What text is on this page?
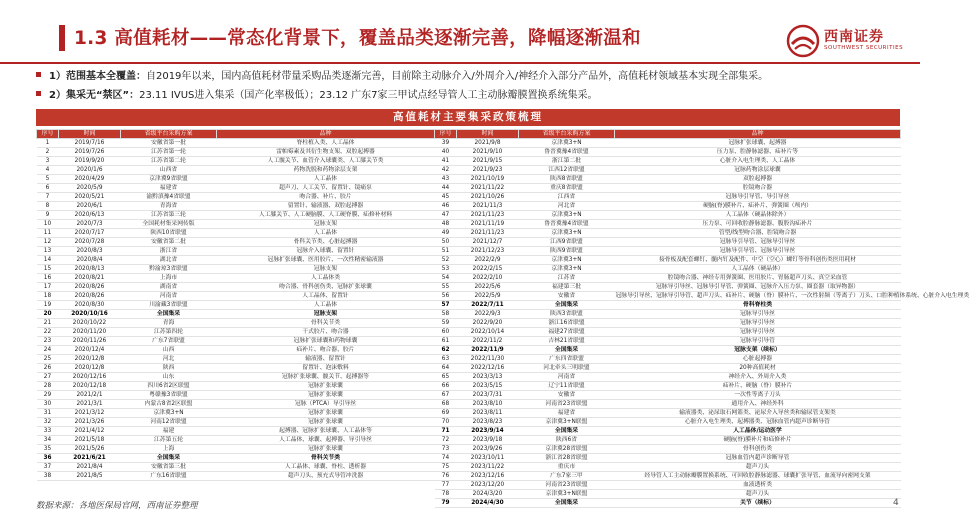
1.3 高值耗材——常态化背景下，覆盖品类逐渐完善，降幅逐渐温和	西南证券
SOUTHWEST SECURITIES
1）范围基本全覆盖：自2019年以来，国内高值耗材带量采购品类逐渐完善，目前除主动脉介入/外周介入/神经介入部分产品外，高值耗材领域基本实现全部集采。
2）集采无“禁区”：23.11 IVUS进入集采（国产化率极低）；23.12 广东7家三甲试点经导管人工主动脉瓣膜置换系统集采。
高值耗材主要集采政策梳理
序号	时间	省级平台采购方案	品种
1	2019/7/16	安徽省第一批	脊柱植入类、人工晶体
2	2019/7/26	江苏省第一轮	雷帕霉素及其衍生物支架、双腔起搏器
3	2019/9/20	江苏省第二轮	人工髋关节、血管介入球囊类、人工膝关节类
4	2020/1/6	山西省	药物洗脱和药物涂层支架
5	2020/4/29	京津冀9省联盟	人工晶体
6	2020/5/9	福建省	超声刀、人工关节、留置针、镜痛泵
7	2020/5/21	渝黔滇豫4省联盟	吻合器、补片、胶片
8	2020/6/1	青海省	留置针、输液器、双腔起搏器
9	2020/6/13	江苏省第三轮	人工膝关节、人工硬脑膜、人工硬脊膜、疝修补材料
10	2020/7/3	全国耗材集采网传版	冠脉支架
11	2020/7/17	陕西10省联盟	人工晶体
12	2020/7/28	安徽省第二批	骨科关节类、心脏起搏器
13	2020/8/3	浙江省	冠脉介入球囊、留置针
14	2020/8/4	湖北省	冠脉扩张球囊、医用胶片、一次性精密输液器
15	2020/8/13	黔渝琼3省联盟	冠脉支架
16	2020/8/21	上海市	人工晶体类
17	2020/8/26	湖南省	吻合器、骨科创伤类、冠脉扩张球囊
18	2020/8/26	河南省	人工晶体、留置针
19	2020/8/30	川渝藏3省联盟	人工晶体
20	2020/10/16	全国集采	冠脉支架
21	2020/10/22	青海	骨科关节类
22	2020/11/20	江苏第四轮	干式胶片、吻合器
23	2020/11/26	广东7省联盟	冠脉扩张球囊和药物球囊
24	2020/12/4	山西	疝补片、吻合器、胶片
25	2020/12/8	河北	输液器、留置针
26	2020/12/8	陕西	留置针、泡沫敷料
27	2020/12/16	山东	冠脉扩张球囊、髋关节、起搏器等
28	2020/12/18	四川6省2区联盟	冠脉扩张球囊
29	2021/2/1	粤赣豫3省联盟	冠脉扩张球囊
30	2021/3/1	内蒙古8省2区联盟	冠脉（PTCA）导引导丝
31	2021/3/12	京津冀3+N	冠脉扩张球囊
32	2021/3/26	河南12省联盟	冠脉扩张球囊
33	2021/4/12	福建	起搏器、冠脉扩张球囊、人工晶体等
34	2021/5/18	江苏第五轮	人工晶体、球囊、起搏器、导引导丝
35	2021/5/26	上海	冠脉扩张球囊
36	2021/6/21	全国集采	骨科关节类
37	2021/8/4	安徽省第三批	人工晶体、球囊、脊柱、透析器
38	2021/8/5	广东16省联盟	超声刀头、预充式导管冲洗器
序号	时间	省级平台采购方案	品种
39	2021/9/8	京津冀3+N	冠脉扩张球囊、起搏器
40	2021/9/10	鲁晋冀豫4省联盟	压力泵、腔静脉滤器、疝补片等
41	2021/9/15	浙江第二批	心脏介入电生理类、人工晶体
42	2021/9/23	江西12省联盟	冠脉药物涂层球囊
43	2021/10/19	陕西8省联盟	双腔起搏器
44	2021/11/22	重庆8省联盟	腔镜吻合器
45	2021/10/26	江西省	冠脉导引导管、导引导丝
46	2021/11/3	河北省	硬脑(脊)膜补片、疝补片、弹簧圈（颅内）
47	2021/11/23	京津冀3+N	人工晶体（硬晶体除外）
48	2021/11/19	鲁晋冀豫4省联盟	压力泵、可回收腔静脉滤器、腹股沟疝补片
49	2021/11/23	京津冀3+N	管型/线型吻合器、腔镜吻合器
50	2021/12/7	江西9省联盟	冠脉导引导管、冠脉导引导丝
51	2021/12/23	陕西9省联盟	冠脉导引导管、冠脉导引导丝
52	2022/2/9	京津冀3+N	接骨板及配套螺钉、髓内钉及配件、中空（空心）螺钉等骨科创伤类医用耗材
53	2022/2/15	京津冀3+N	人工晶体（硬晶体）
54	2022/2/10	江苏省	腔镜吻合器、神经专用弹簧圈、医用胶片、胃肠超声刀头、真空采血管
55	2022/5/6	福建第三批	冠脉导引导丝、冠脉导引导管、弹簧圈、冠脉介入压力泵、圈套器（取异物器）
56	2022/5/9	安徽省	冠脉导引导丝、冠脉导引导管、超声刀头、疝补片、硬脑（脊）膜补片、一次性射频（等离子）刀头、口腔种植体系统、心脏介入电生理类
57	2022/7/11	全国集采	骨科脊柱类
58	2022/9/3	陕西3省联盟	冠脉导引导丝
59	2022/9/20	浙江16省联盟	冠脉导引导丝
60	2022/10/14	福建27省联盟	冠脉导引导丝
61	2022/11/2	吉林21省联盟	冠脉导引导管
62	2022/11/9	全国集采	冠脉支架（续标）
63	2022/11/30	广东四省联盟	心脏起搏器
64	2022/12/16	河北牵头三明联盟	20种高值耗材
65	2023/3/13	河南省	神经介入、外周介入类
66	2023/5/15	辽宁11省联盟	疝补片、硬脑（脊）膜补片
67	2023/7/31	安徽省	一次性等离子刀头
68	2023/8/10	河南省23省联盟	通用介入、神经外科
69	2023/8/11	福建省	输液器类、泌尿取石网篮类、泌尿介入导丝类和输尿管支架类
70	2023/8/23	京津冀3+N联盟	心脏介入电生理类、起搏器类、冠脉血管内超声诊断导管
71	2023/9/14	全国集采	人工晶体/运动医学
72	2023/9/18	陕西6省	硬脑(脊)膜补片和疝修补片
73	2023/9/26	京津冀28省联盟	骨科创伤类
74	2023/10/11	浙江省28省联盟	冠脉血管内超声诊断导管
75	2023/11/22	重庆市	超声刀头
76	2023/12/16	广东7家三甲	经导管人工主动脉瓣膜置换系统、可回收腔静脉滤器、球囊扩张导管、血流导向密网支架
77	2023/12/20	河南省23省联盟	血液透析类
78	2024/3/20	京津冀3+N联盟	超声刀头
79	2024/4/30	全国集采	关节（续标）
数据来源：各地医保局官网，西南证券整理	4
